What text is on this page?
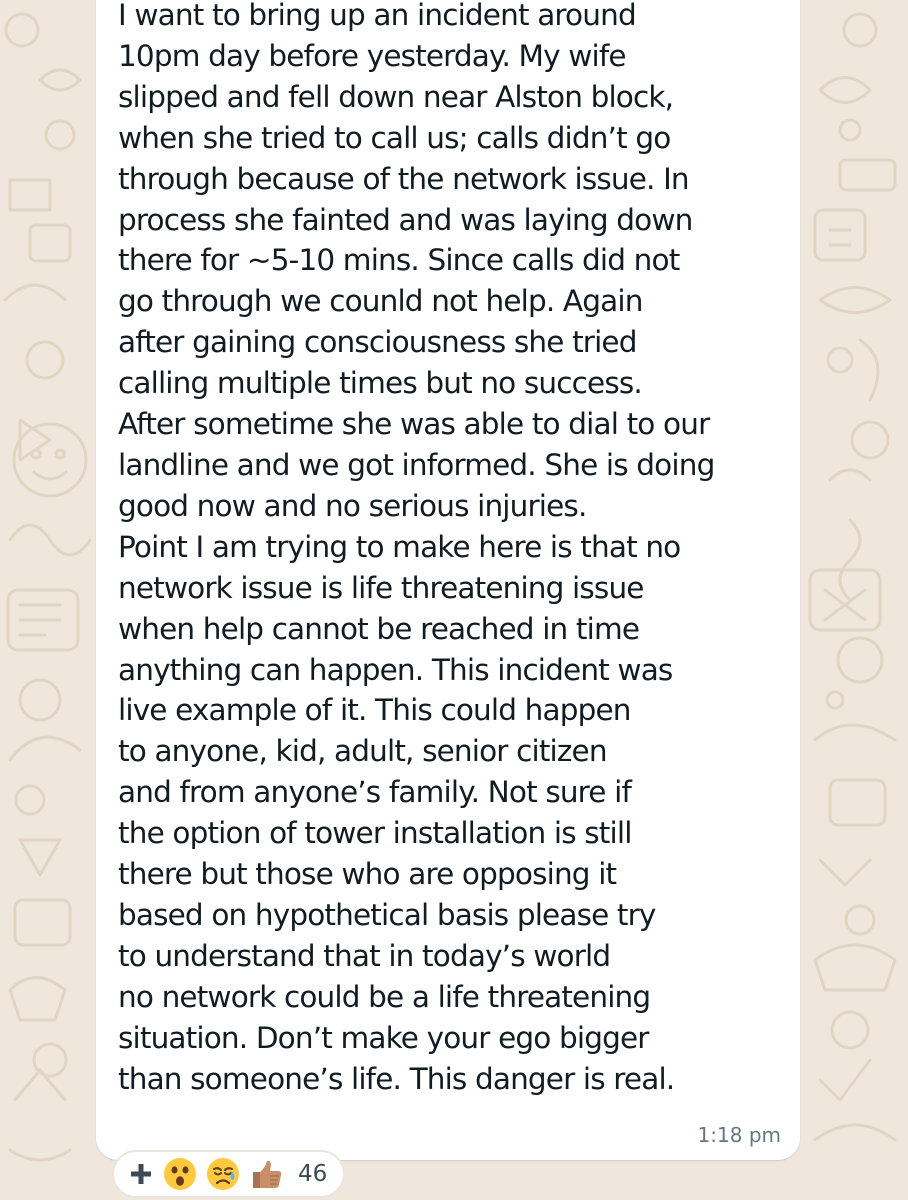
I want to bring up an incident around
10pm day before yesterday. My wife
slipped and fell down near Alston block,
when she tried to call us; calls didn’t go
through because of the network issue. In
process she fainted and was laying down
there for ~5-10 mins. Since calls did not
go through we counld not help. Again
after gaining consciousness she tried
calling multiple times but no success.
After sometime she was able to dial to our
landline and we got informed. She is doing
good now and no serious injuries.
Point I am trying to make here is that no
network issue is life threatening issue
when help cannot be reached in time
anything can happen. This incident was
live example of it. This could happen
to anyone, kid, adult, senior citizen
and from anyone’s family. Not sure if
the option of tower installation is still
there but those who are opposing it
based on hypothetical basis please try
to understand that in today’s world
no network could be a life threatening
situation. Don’t make your ego bigger
than someone’s life. This danger is real.
1:18 pm
46
